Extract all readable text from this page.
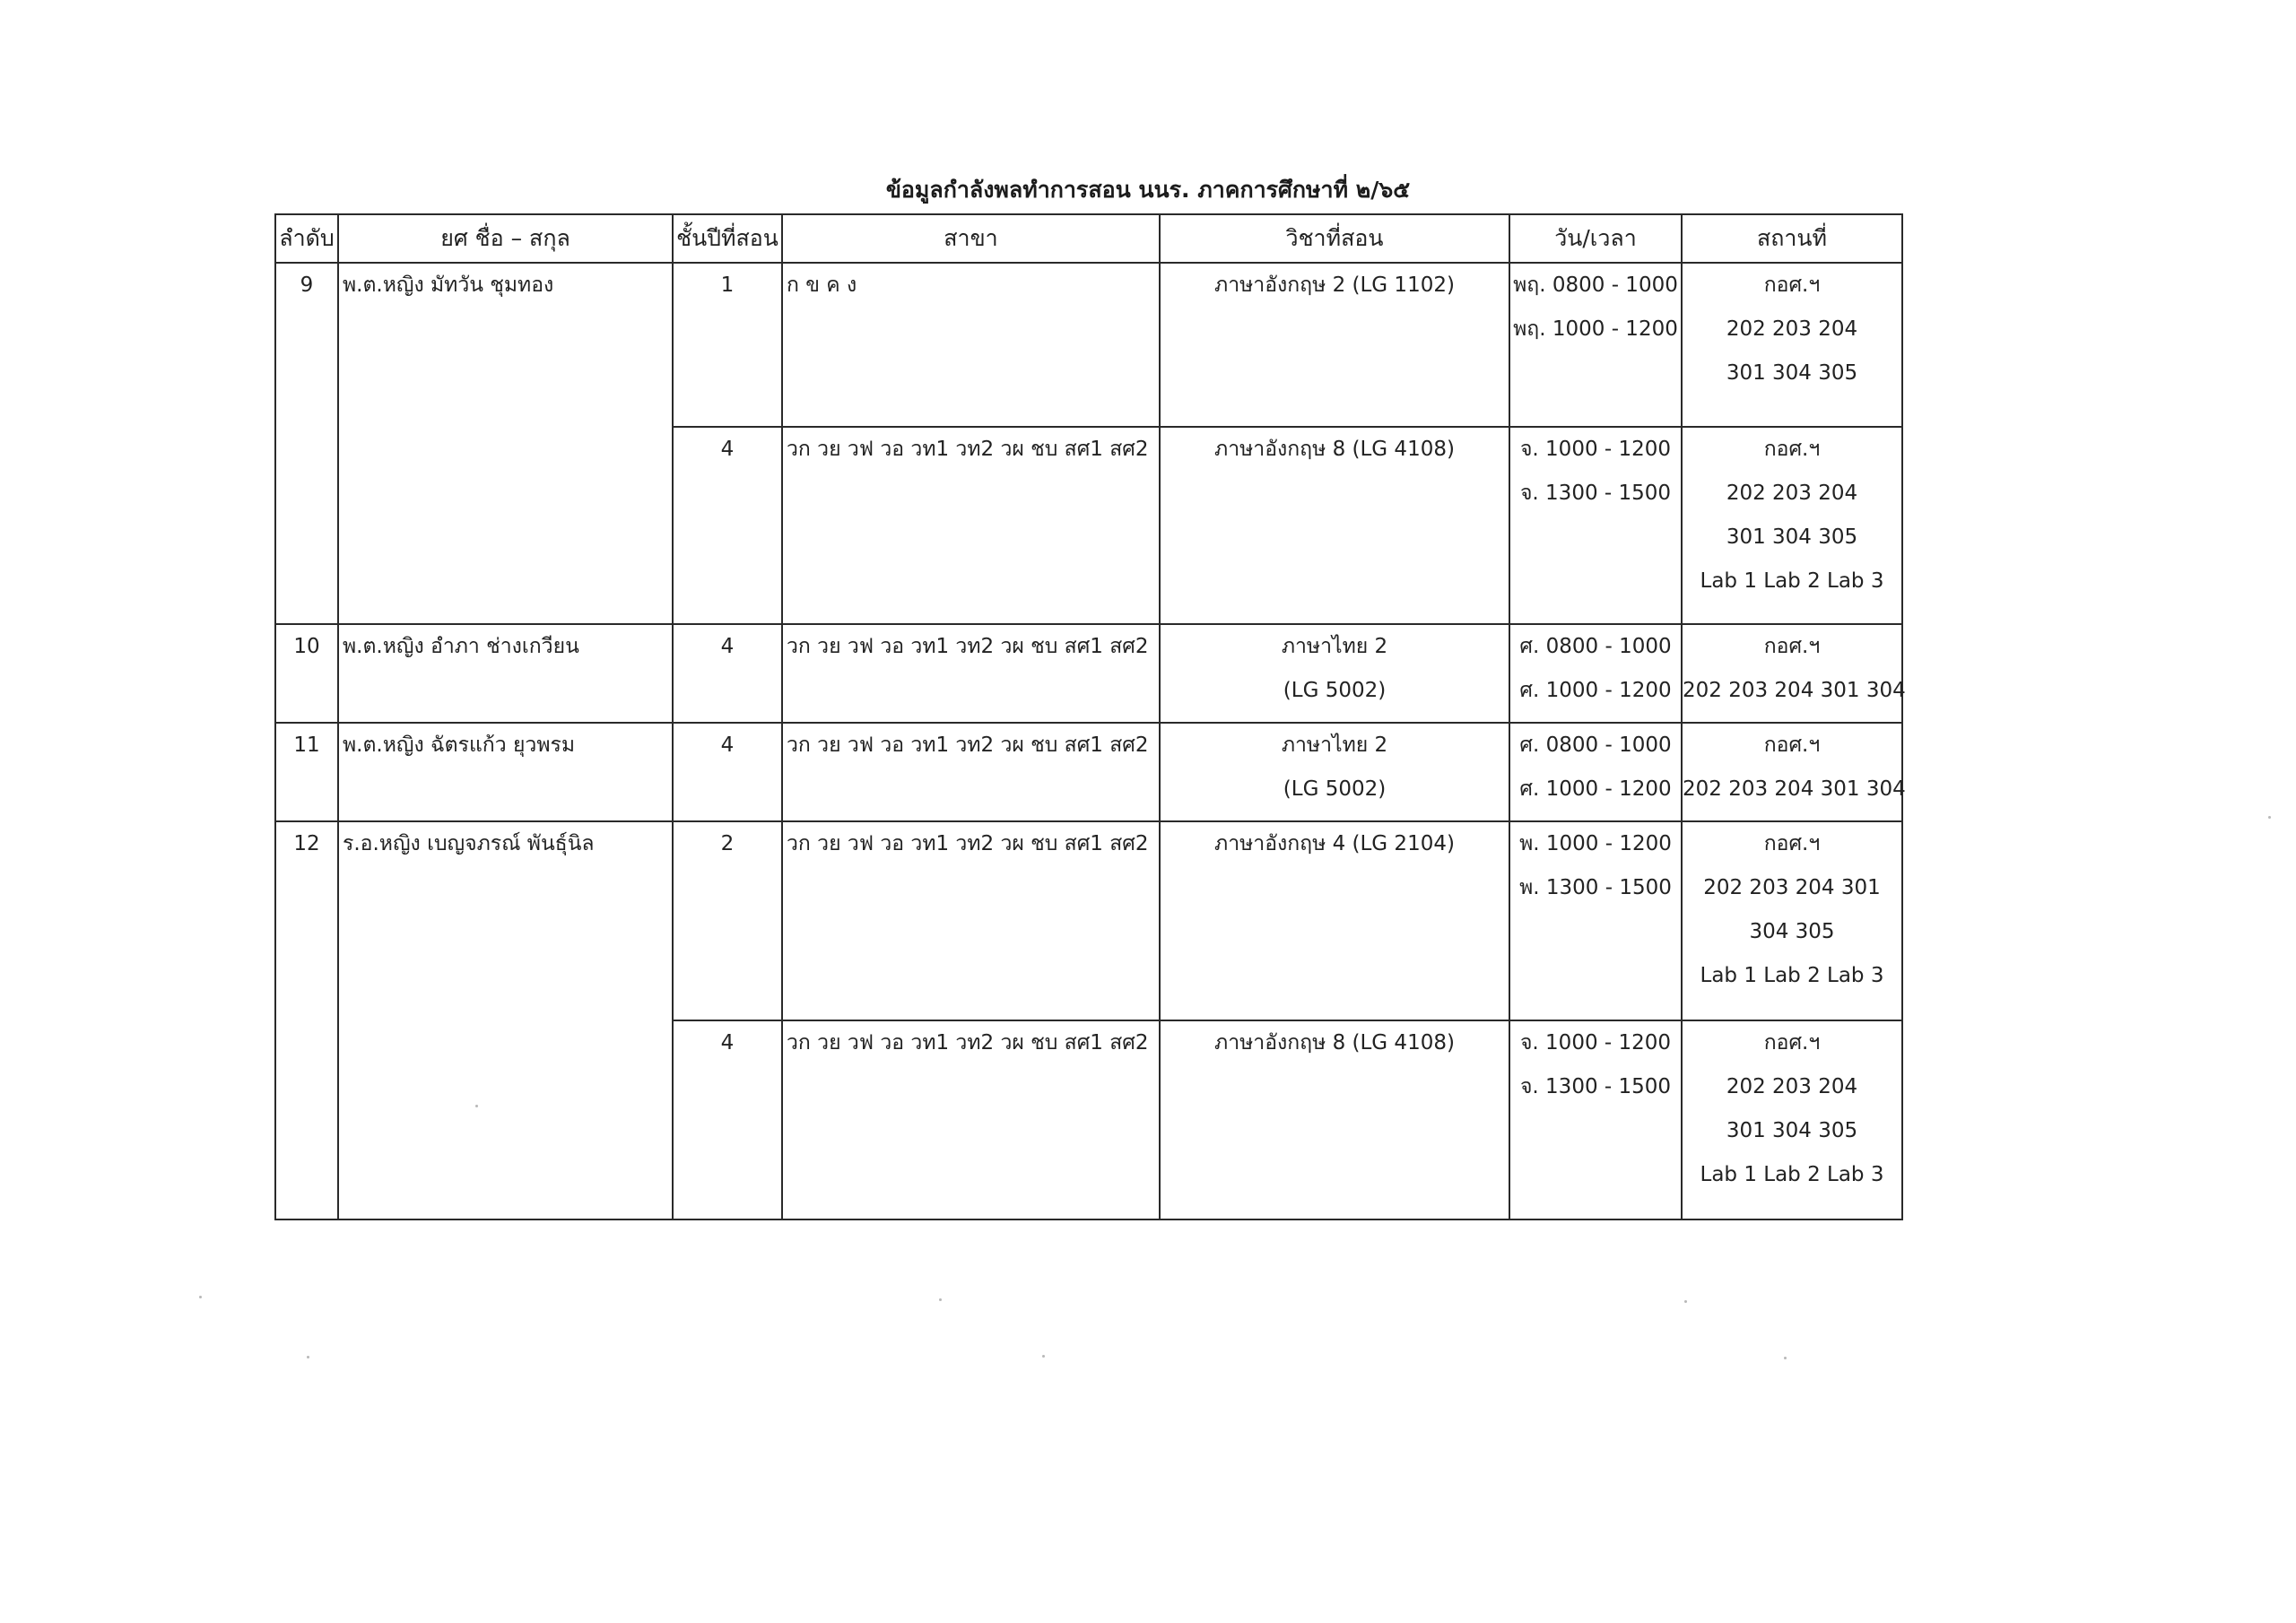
ข้อมูลกำลังพลทำการสอน นนร. ภาคการศึกษาที่ ๒/๖๕
ลำดับ	ยศ ชื่อ – สกุล	ชั้นปีที่สอน	สาขา	วิชาที่สอน	วัน/เวลา	สถานที่

9	พ.ต.หญิง มัทวัน ชุมทอง	1	ก ข ค ง	ภาษาอังกฤษ 2 (LG 1102)	พฤ. 0800 - 1000
พฤ. 1000 - 1200	กอศ.ฯ
202 203 204
301 304 305

		4	วก วย วฟ วอ วท1 วท2 วผ ชบ สศ1 สศ2	ภาษาอังกฤษ 8 (LG 4108)	จ. 1000 - 1200
จ. 1300 - 1500	กอศ.ฯ
202 203 204
301 304 305
Lab 1 Lab 2 Lab 3

10	พ.ต.หญิง อำภา ช่างเกวียน	4	วก วย วฟ วอ วท1 วท2 วผ ชบ สศ1 สศ2	ภาษาไทย 2
(LG 5002)	ศ. 0800 - 1000
ศ. 1000 - 1200	กอศ.ฯ
202 203 204 301 304

11	พ.ต.หญิง ฉัตรแก้ว ยุวพรม	4	วก วย วฟ วอ วท1 วท2 วผ ชบ สศ1 สศ2	ภาษาไทย 2
(LG 5002)	ศ. 0800 - 1000
ศ. 1000 - 1200	กอศ.ฯ
202 203 204 301 304

12	ร.อ.หญิง เบญจภรณ์ พันธุ์นิล	2	วก วย วฟ วอ วท1 วท2 วผ ชบ สศ1 สศ2	ภาษาอังกฤษ 4 (LG 2104)	พ. 1000 - 1200
พ. 1300 - 1500	กอศ.ฯ
202 203 204 301
304 305
Lab 1 Lab 2 Lab 3

		4	วก วย วฟ วอ วท1 วท2 วผ ชบ สศ1 สศ2	ภาษาอังกฤษ 8 (LG 4108)	จ. 1000 - 1200
จ. 1300 - 1500	กอศ.ฯ
202 203 204
301 304 305
Lab 1 Lab 2 Lab 3
